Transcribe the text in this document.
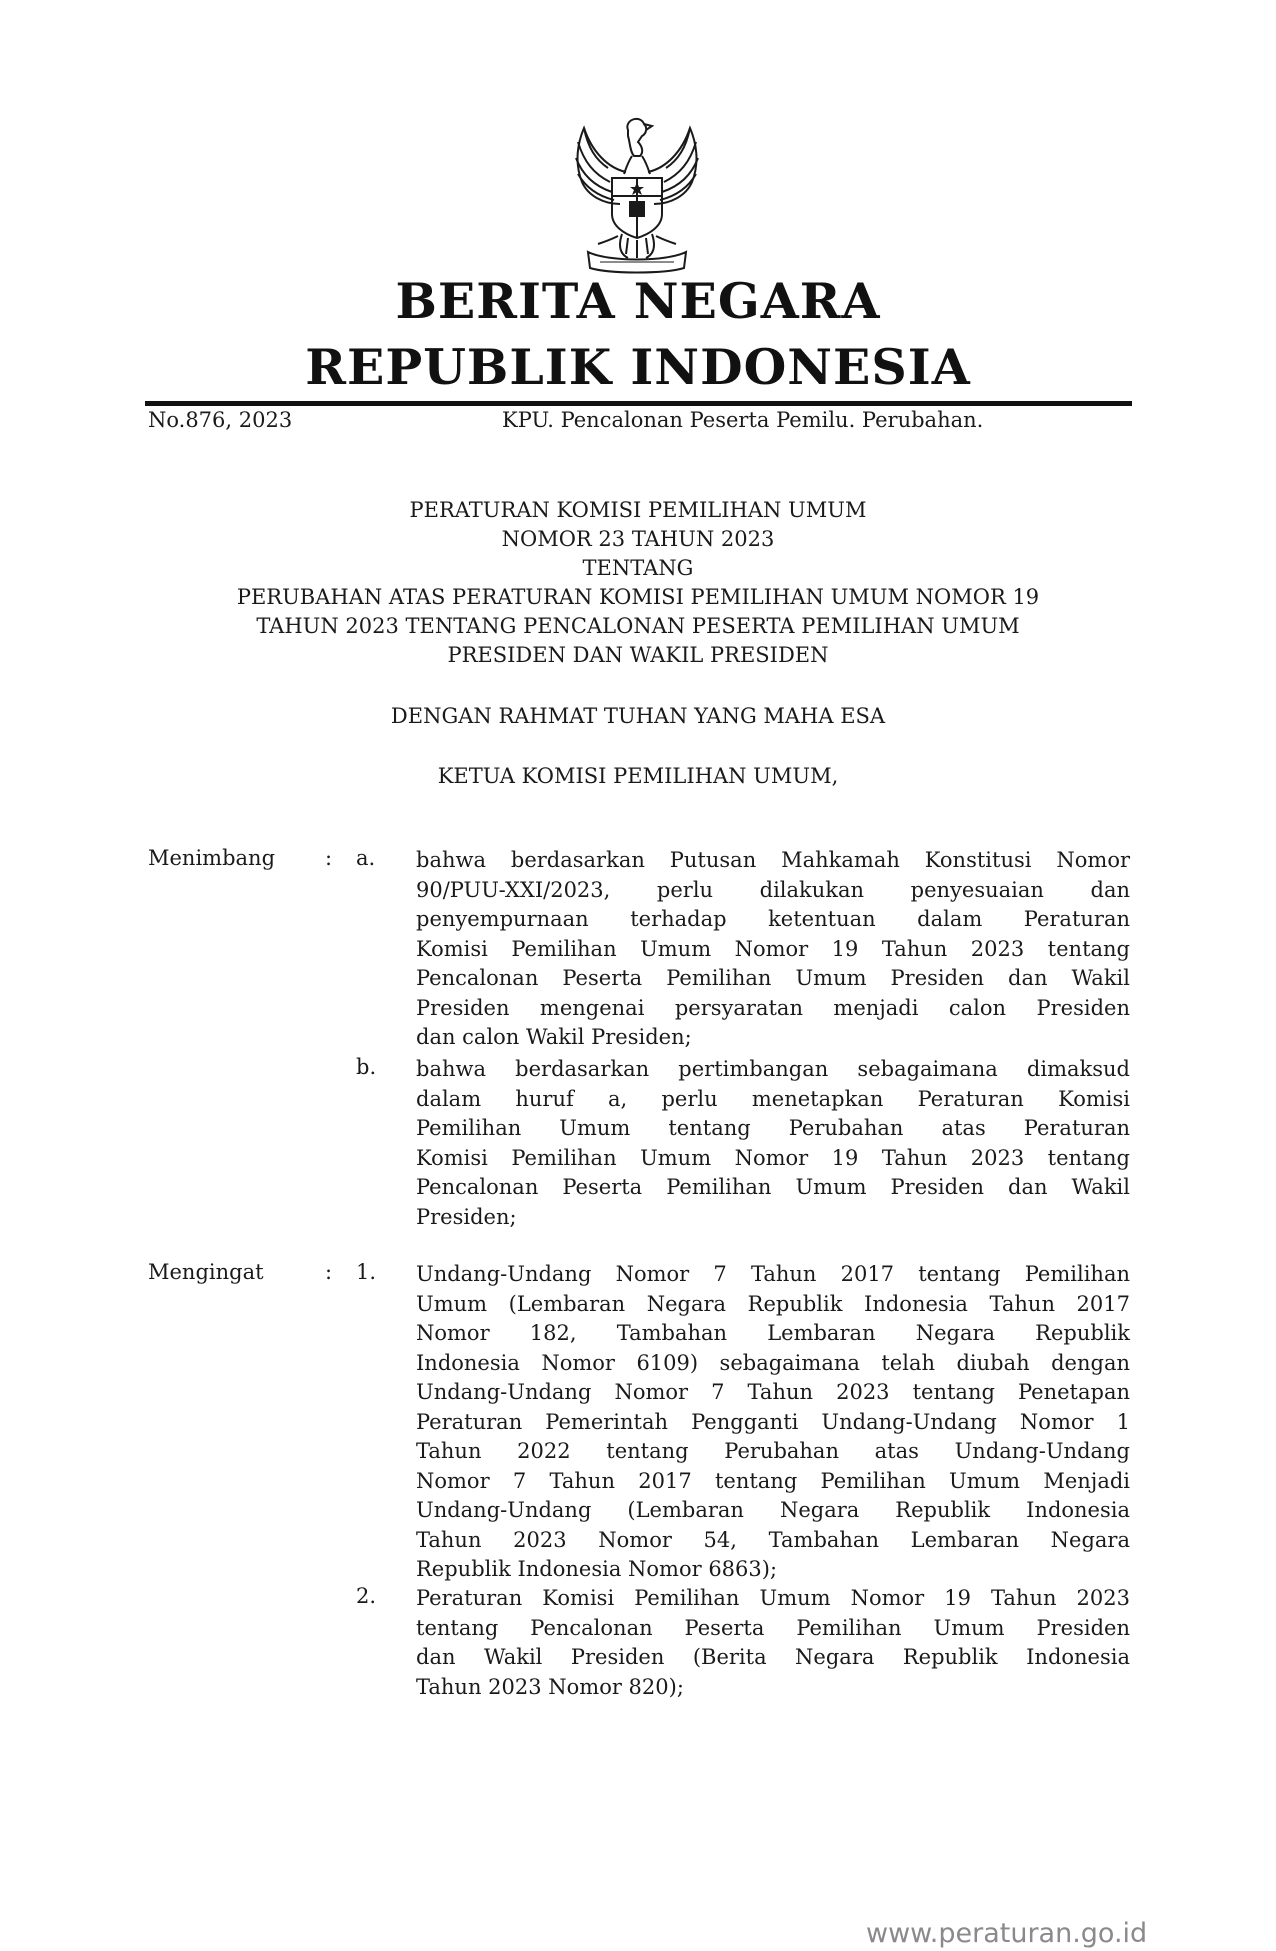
BERITA NEGARA
REPUBLIK INDONESIA
No.876, 2023	KPU. Pencalonan Peserta Pemilu. Perubahan.
PERATURAN KOMISI PEMILIHAN UMUM
NOMOR 23 TAHUN 2023
TENTANG
PERUBAHAN ATAS PERATURAN KOMISI PEMILIHAN UMUM NOMOR 19
TAHUN 2023 TENTANG PENCALONAN PESERTA PEMILIHAN UMUM
PRESIDEN DAN WAKIL PRESIDEN
DENGAN RAHMAT TUHAN YANG MAHA ESA
KETUA KOMISI PEMILIHAN UMUM,
Menimbang : a. bahwa berdasarkan Putusan Mahkamah Konstitusi Nomor
90/PUU-XXI/2023, perlu dilakukan penyesuaian dan
penyempurnaan terhadap ketentuan dalam Peraturan
Komisi Pemilihan Umum Nomor 19 Tahun 2023 tentang
Pencalonan Peserta Pemilihan Umum Presiden dan Wakil
Presiden mengenai persyaratan menjadi calon Presiden
dan calon Wakil Presiden;
b. bahwa berdasarkan pertimbangan sebagaimana dimaksud
dalam huruf a, perlu menetapkan Peraturan Komisi
Pemilihan Umum tentang Perubahan atas Peraturan
Komisi Pemilihan Umum Nomor 19 Tahun 2023 tentang
Pencalonan Peserta Pemilihan Umum Presiden dan Wakil
Presiden;
Mengingat	: 1. Undang-Undang Nomor 7 Tahun 2017 tentang Pemilihan
Umum (Lembaran Negara Republik Indonesia Tahun 2017
Nomor 182, Tambahan Lembaran Negara Republik
Indonesia Nomor 6109) sebagaimana telah diubah dengan
Undang-Undang Nomor 7 Tahun 2023 tentang Penetapan
Peraturan Pemerintah Pengganti Undang-Undang Nomor 1
Tahun 2022 tentang Perubahan atas Undang-Undang
Nomor 7 Tahun 2017 tentang Pemilihan Umum Menjadi
Undang-Undang (Lembaran Negara Republik Indonesia
Tahun 2023 Nomor 54, Tambahan Lembaran Negara
Republik Indonesia Nomor 6863);
2. Peraturan Komisi Pemilihan Umum Nomor 19 Tahun 2023
tentang Pencalonan Peserta Pemilihan Umum Presiden
dan Wakil Presiden (Berita Negara Republik Indonesia
Tahun 2023 Nomor 820);
www.peraturan.go.id
